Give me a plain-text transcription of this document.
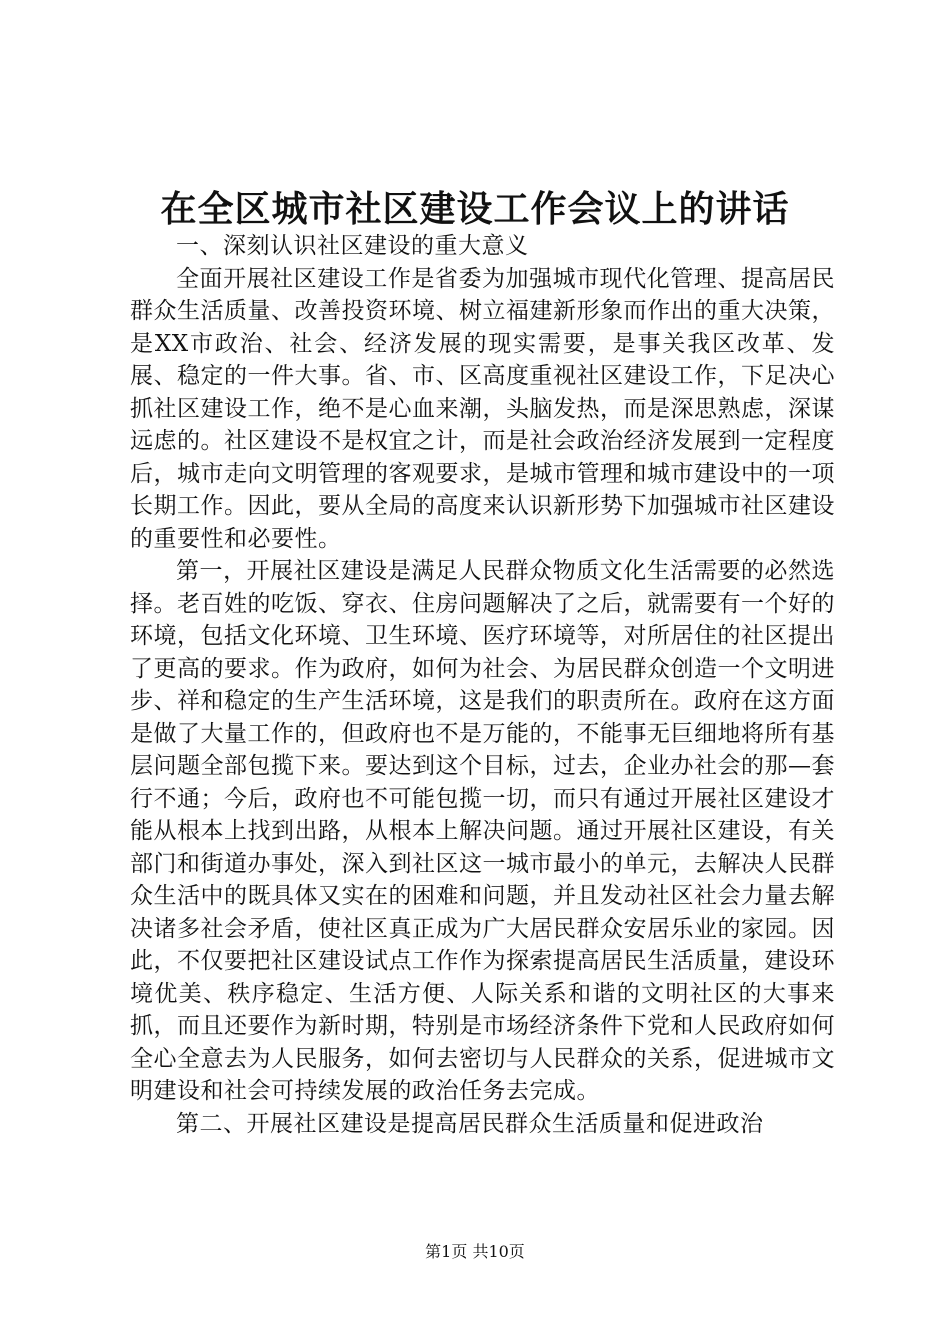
在全区城市社区建设工作会议上的讲话

一、深刻认识社区建设的重大意义

全面开展社区建设工作是省委为加强城市现代化管理、提高居民群众生活质量、改善投资环境、树立福建新形象而作出的重大决策，是XX市政治、社会、经济发展的现实需要，是事关我区改革、发展、稳定的一件大事。省、市、区高度重视社区建设工作，下足决心抓社区建设工作，绝不是心血来潮，头脑发热，而是深思熟虑，深谋远虑的。社区建设不是权宜之计，而是社会政治经济发展到一定程度后，城市走向文明管理的客观要求，是城市管理和城市建设中的一项长期工作。因此，要从全局的高度来认识新形势下加强城市社区建设的重要性和必要性。

第一，开展社区建设是满足人民群众物质文化生活需要的必然选择。老百姓的吃饭、穿衣、住房问题解决了之后，就需要有一个好的环境，包括文化环境、卫生环境、医疗环境等，对所居住的社区提出了更高的要求。作为政府，如何为社会、为居民群众创造一个文明进步、祥和稳定的生产生活环境，这是我们的职责所在。政府在这方面是做了大量工作的，但政府也不是万能的，不能事无巨细地将所有基层问题全部包揽下来。要达到这个目标，过去，企业办社会的那—套行不通；今后，政府也不可能包揽一切，而只有通过开展社区建设才能从根本上找到出路，从根本上解决问题。通过开展社区建设，有关部门和街道办事处，深入到社区这一城市最小的单元，去解决人民群众生活中的既具体又实在的困难和问题，并且发动社区社会力量去解决诸多社会矛盾，使社区真正成为广大居民群众安居乐业的家园。因此，不仅要把社区建设试点工作作为探索提高居民生活质量，建设环境优美、秩序稳定、生活方便、人际关系和谐的文明社区的大事来抓，而且还要作为新时期，特别是市场经济条件下党和人民政府如何全心全意去为人民服务，如何去密切与人民群众的关系，促进城市文明建设和社会可持续发展的政治任务去完成。

第二、开展社区建设是提高居民群众生活质量和促进政治

第1页 共10页
